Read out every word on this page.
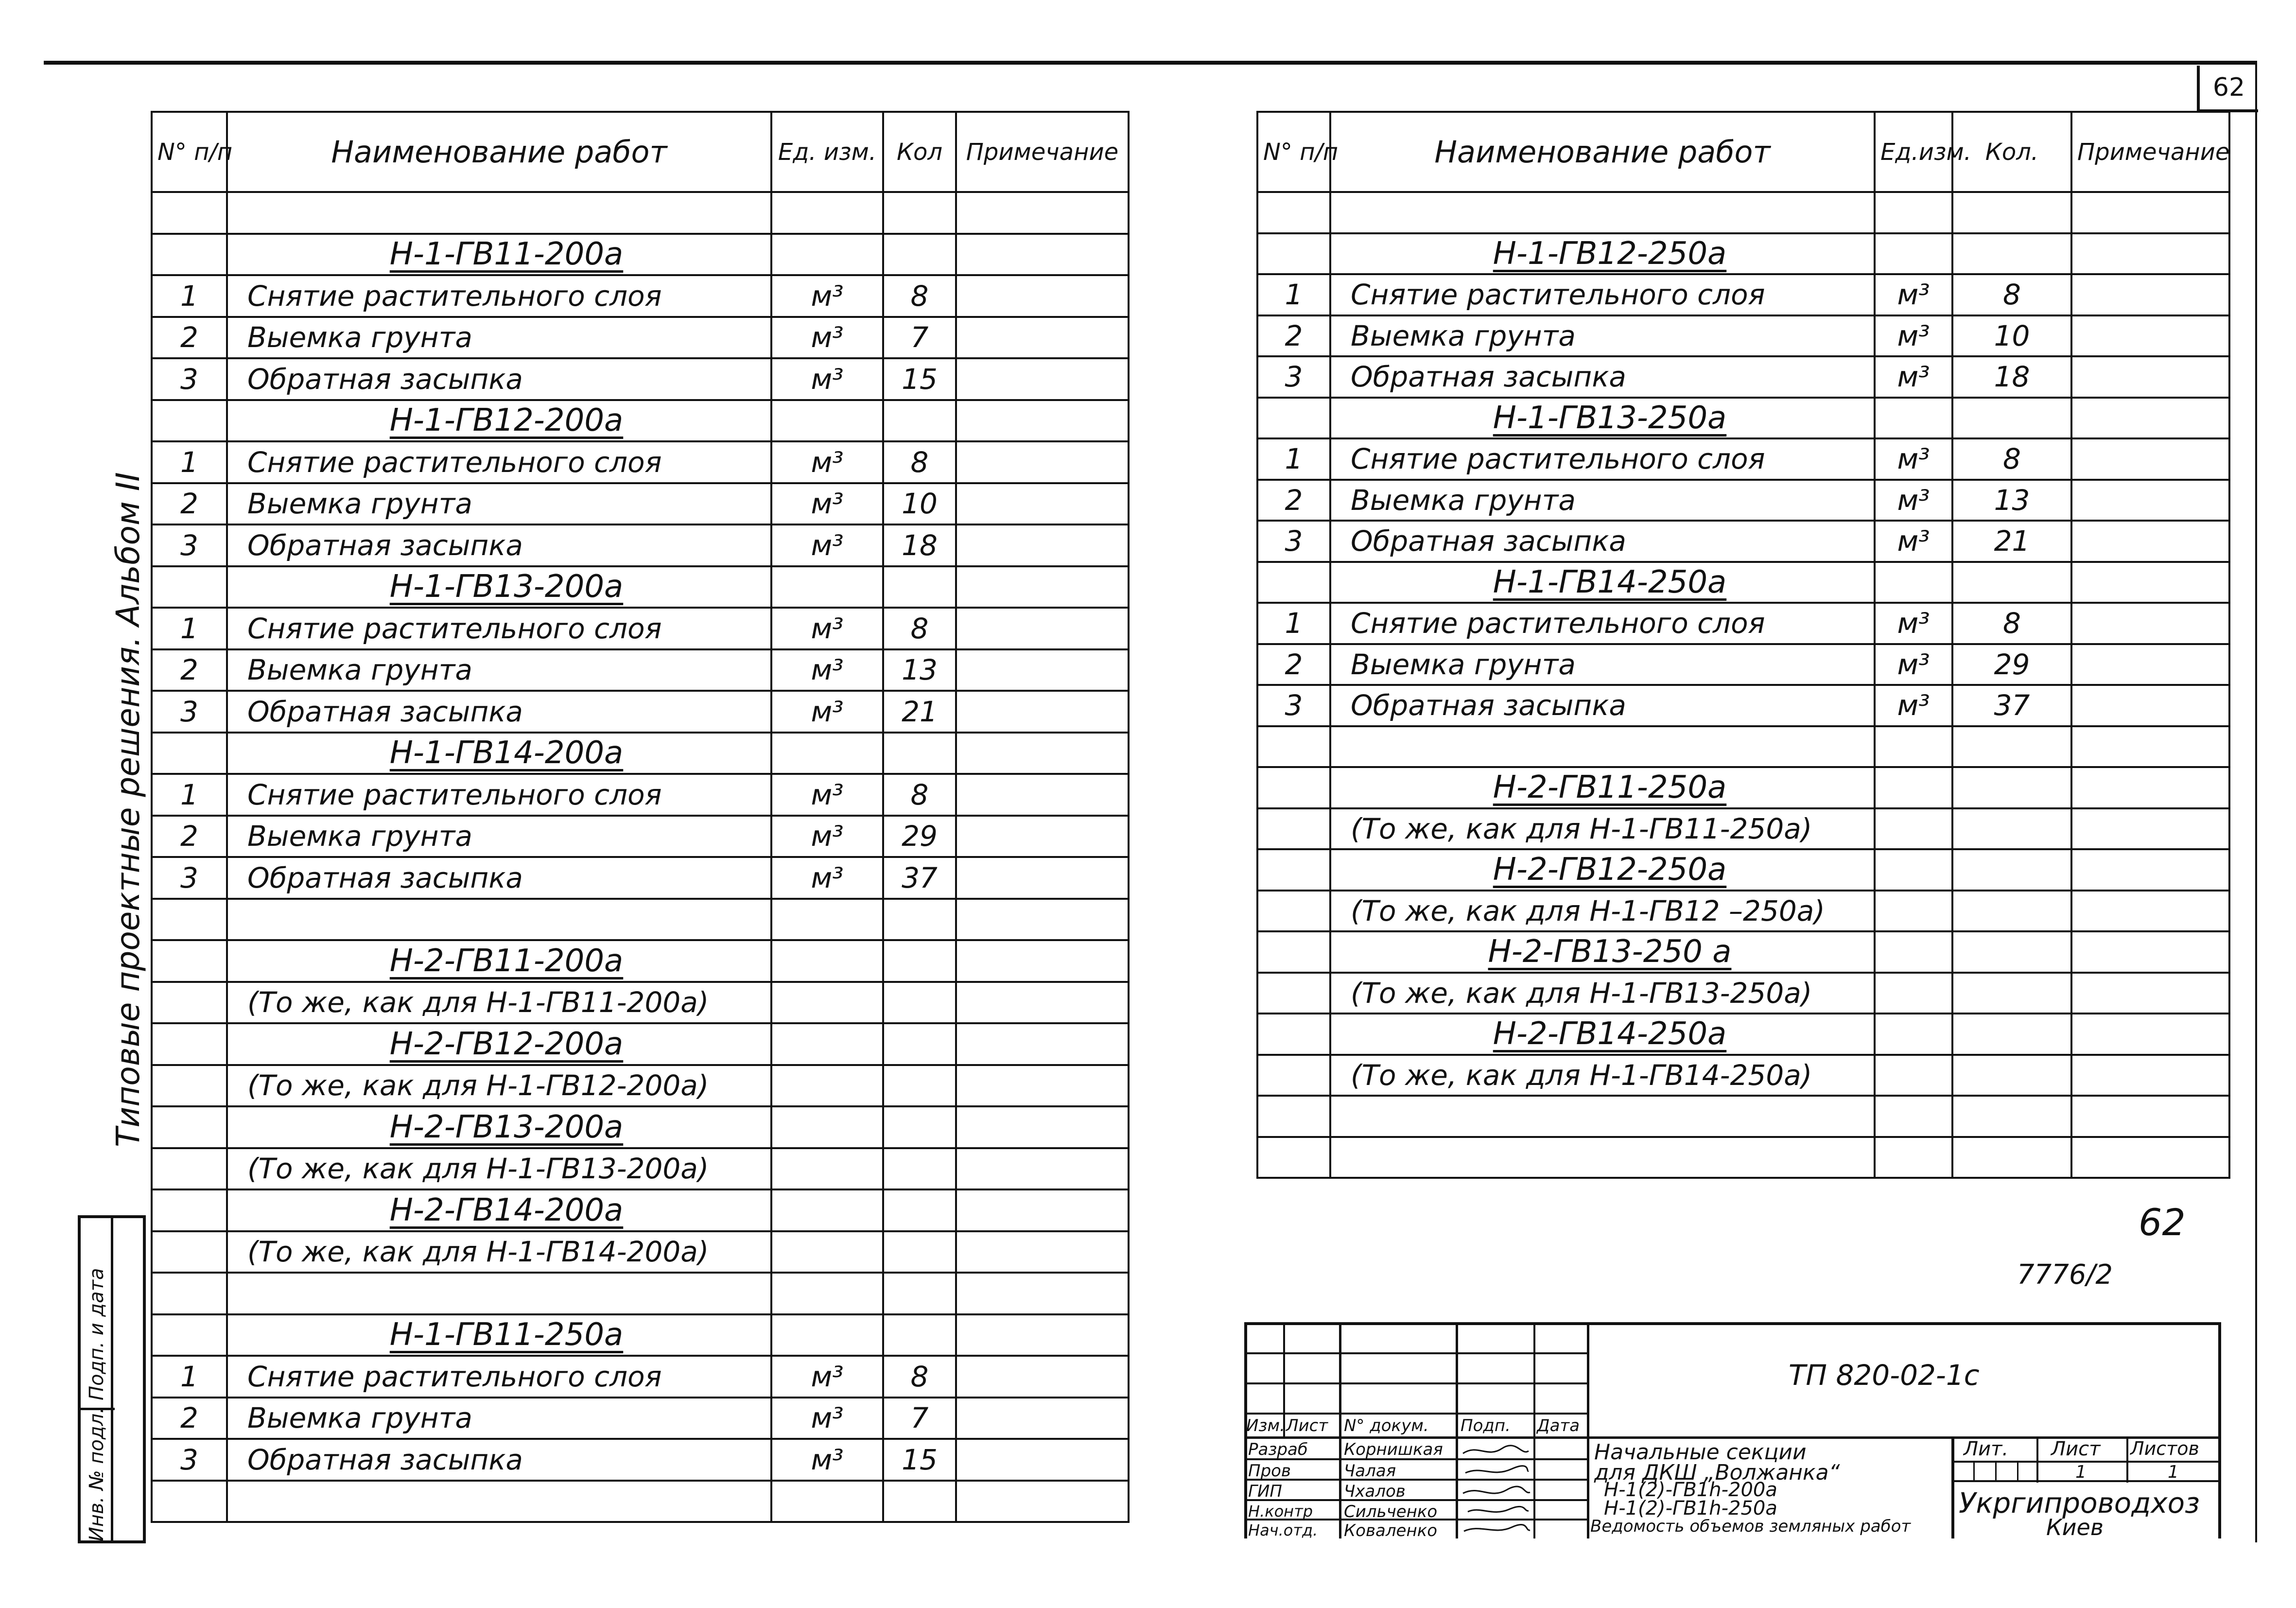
62
Типовые проектные решения. Альбом II
Подп. и дата
Инв. № подл.
N° п/п	Наименование работ	Ед. изм.	Кол	Примечание

	Н-1-ГВ11-200а			
1	Снятие растительного слоя	м³	8	
2	Выемка грунта	м³	7	
3	Обратная засыпка	м³	15	
	Н-1-ГВ12-200а			
1	Снятие растительного слоя	м³	8	
2	Выемка грунта	м³	10	
3	Обратная засыпка	м³	18	
	Н-1-ГВ13-200а			
1	Снятие растительного слоя	м³	8	
2	Выемка грунта	м³	13	
3	Обратная засыпка	м³	21	
	Н-1-ГВ14-200а			
1	Снятие растительного слоя	м³	8	
2	Выемка грунта	м³	29	
3	Обратная засыпка	м³	37	

	Н-2-ГВ11-200а			
	(То же, как для Н-1-ГВ11-200а)			
	Н-2-ГВ12-200а			
	(То же, как для Н-1-ГВ12-200а)			
	Н-2-ГВ13-200а			
	(То же, как для Н-1-ГВ13-200а)			
	Н-2-ГВ14-200а			
	(То же, как для Н-1-ГВ14-200а)			

	Н-1-ГВ11-250а			
1	Снятие растительного слоя	м³	8	
2	Выемка грунта	м³	7	
3	Обратная засыпка	м³	15	

N° п/п	Наименование работ	Ед.изм.	Кол.	Примечание

	Н-1-ГВ12-250а			
1	Снятие растительного слоя	м³	8	
2	Выемка грунта	м³	10	
3	Обратная засыпка	м³	18	
	Н-1-ГВ13-250а			
1	Снятие растительного слоя	м³	8	
2	Выемка грунта	м³	13	
3	Обратная засыпка	м³	21	
	Н-1-ГВ14-250а			
1	Снятие растительного слоя	м³	8	
2	Выемка грунта	м³	29	
3	Обратная засыпка	м³	37	

	Н-2-ГВ11-250а			
	(То же, как для Н-1-ГВ11-250а)			
	Н-2-ГВ12-250а			
	(То же, как для Н-1-ГВ12 –250а)			
	Н-2-ГВ13-250 а			
	(То же, как для Н-1-ГВ13-250а)			
	Н-2-ГВ14-250а			
	(То же, как для Н-1-ГВ14-250а)			

62
7776/2
ТП 820-02-1с
Изм. Лист N° докум. Подп. Дата
Разраб Корнишкая
Пров	Чалая
ГИП	Чхалов
Н.контр Сильченко
Нач.отд. Коваленко
Начальные секции
для ДКШ „Волжанка“
Н-1(2)-ГВ1h-200а
Н-1(2)-ГВ1h-250а
Ведомость объемов земляных работ
Лит. Лист Листов
1	1
Укргипроводхоз
Киев
